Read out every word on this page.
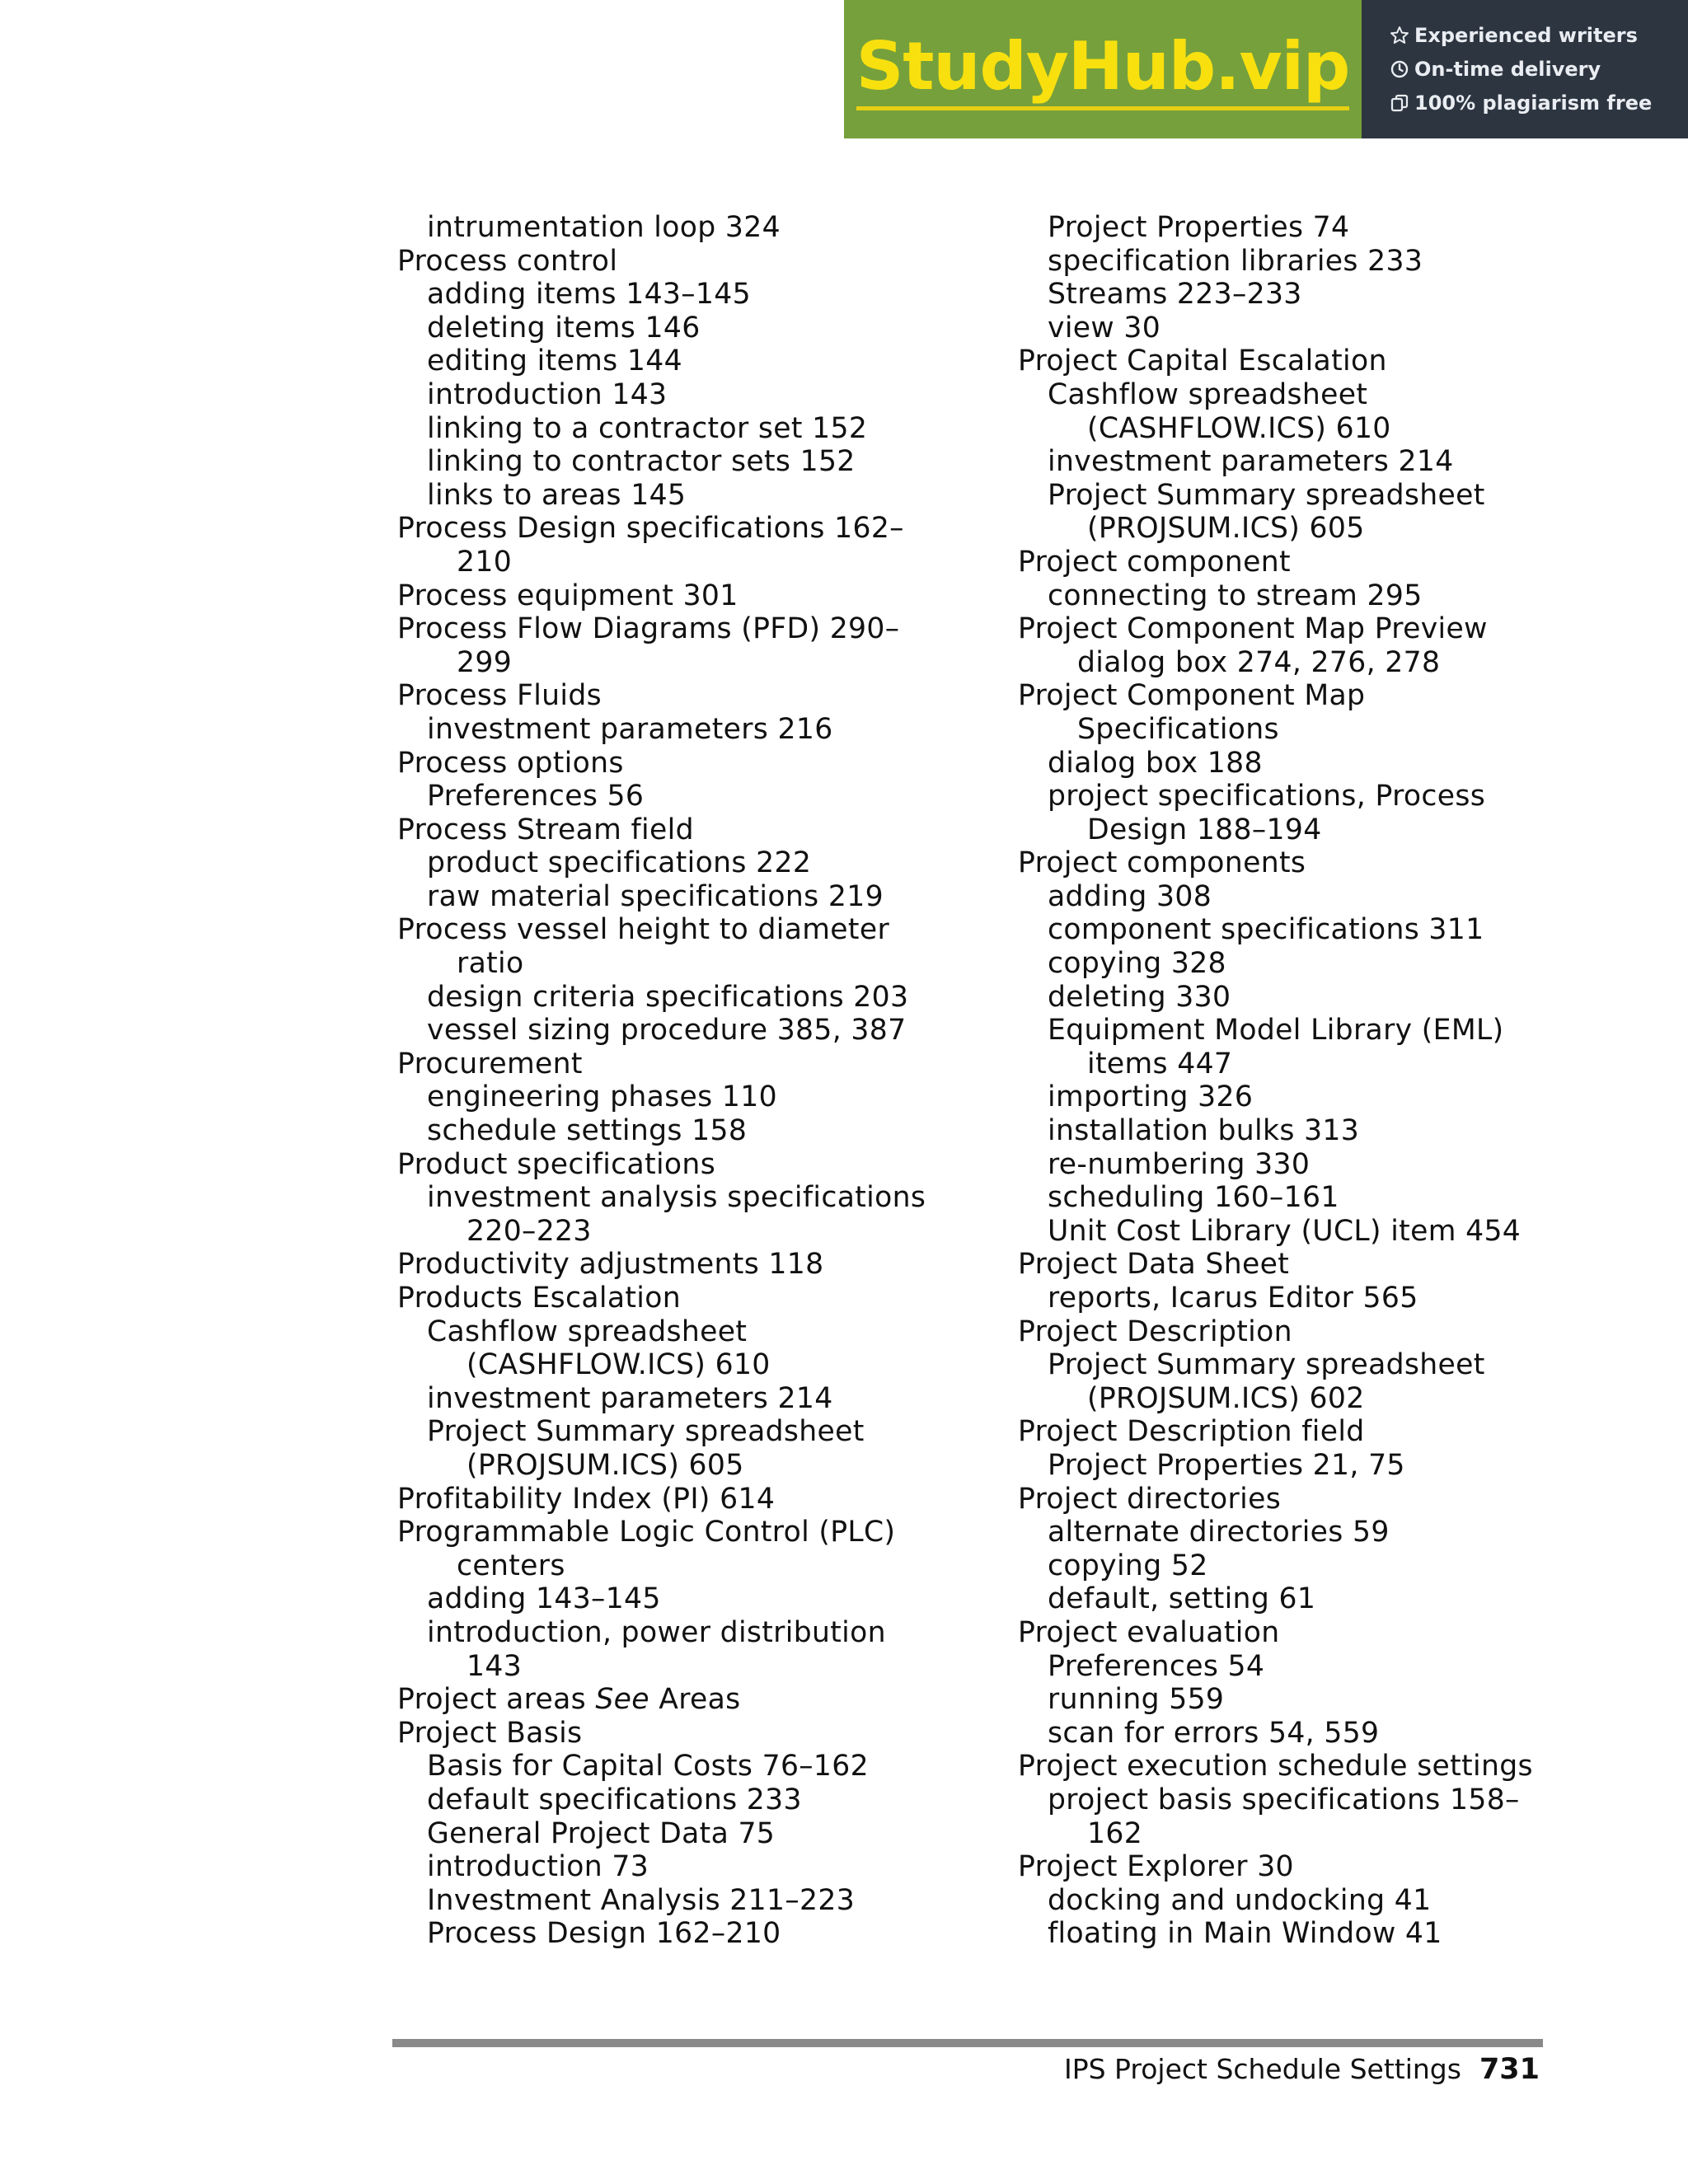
StudyHub.vip	Experienced writers
On-time delivery
100% plagiarism free
intrumentation loop 324
Process control
adding items 143–145
deleting items 146
editing items 144
introduction 143
linking to a contractor set 152
linking to contractor sets 152
links to areas 145
Process Design specifications 162–
210
Process equipment 301
Process Flow Diagrams (PFD) 290–
299
Process Fluids
investment parameters 216
Process options
Preferences 56
Process Stream field
product specifications 222
raw material specifications 219
Process vessel height to diameter
ratio
design criteria specifications 203
vessel sizing procedure 385, 387
Procurement
engineering phases 110
schedule settings 158
Product specifications
investment analysis specifications
220–223
Productivity adjustments 118
Products Escalation
Cashflow spreadsheet
(CASHFLOW.ICS) 610
investment parameters 214
Project Summary spreadsheet
(PROJSUM.ICS) 605
Profitability Index (PI) 614
Programmable Logic Control (PLC)
centers
adding 143–145
introduction, power distribution
143
Project areas See Areas
Project Basis
Basis for Capital Costs 76–162
default specifications 233
General Project Data 75
introduction 73
Investment Analysis 211–223
Process Design 162–210
Project Properties 74
specification libraries 233
Streams 223–233
view 30
Project Capital Escalation
Cashflow spreadsheet
(CASHFLOW.ICS) 610
investment parameters 214
Project Summary spreadsheet
(PROJSUM.ICS) 605
Project component
connecting to stream 295
Project Component Map Preview
dialog box 274, 276, 278
Project Component Map
Specifications
dialog box 188
project specifications, Process
Design 188–194
Project components
adding 308
component specifications 311
copying 328
deleting 330
Equipment Model Library (EML)
items 447
importing 326
installation bulks 313
re-numbering 330
scheduling 160–161
Unit Cost Library (UCL) item 454
Project Data Sheet
reports, Icarus Editor 565
Project Description
Project Summary spreadsheet
(PROJSUM.ICS) 602
Project Description field
Project Properties 21, 75
Project directories
alternate directories 59
copying 52
default, setting 61
Project evaluation
Preferences 54
running 559
scan for errors 54, 559
Project execution schedule settings
project basis specifications 158–
162
Project Explorer 30
docking and undocking 41
floating in Main Window 41
IPS Project Schedule Settings 731
